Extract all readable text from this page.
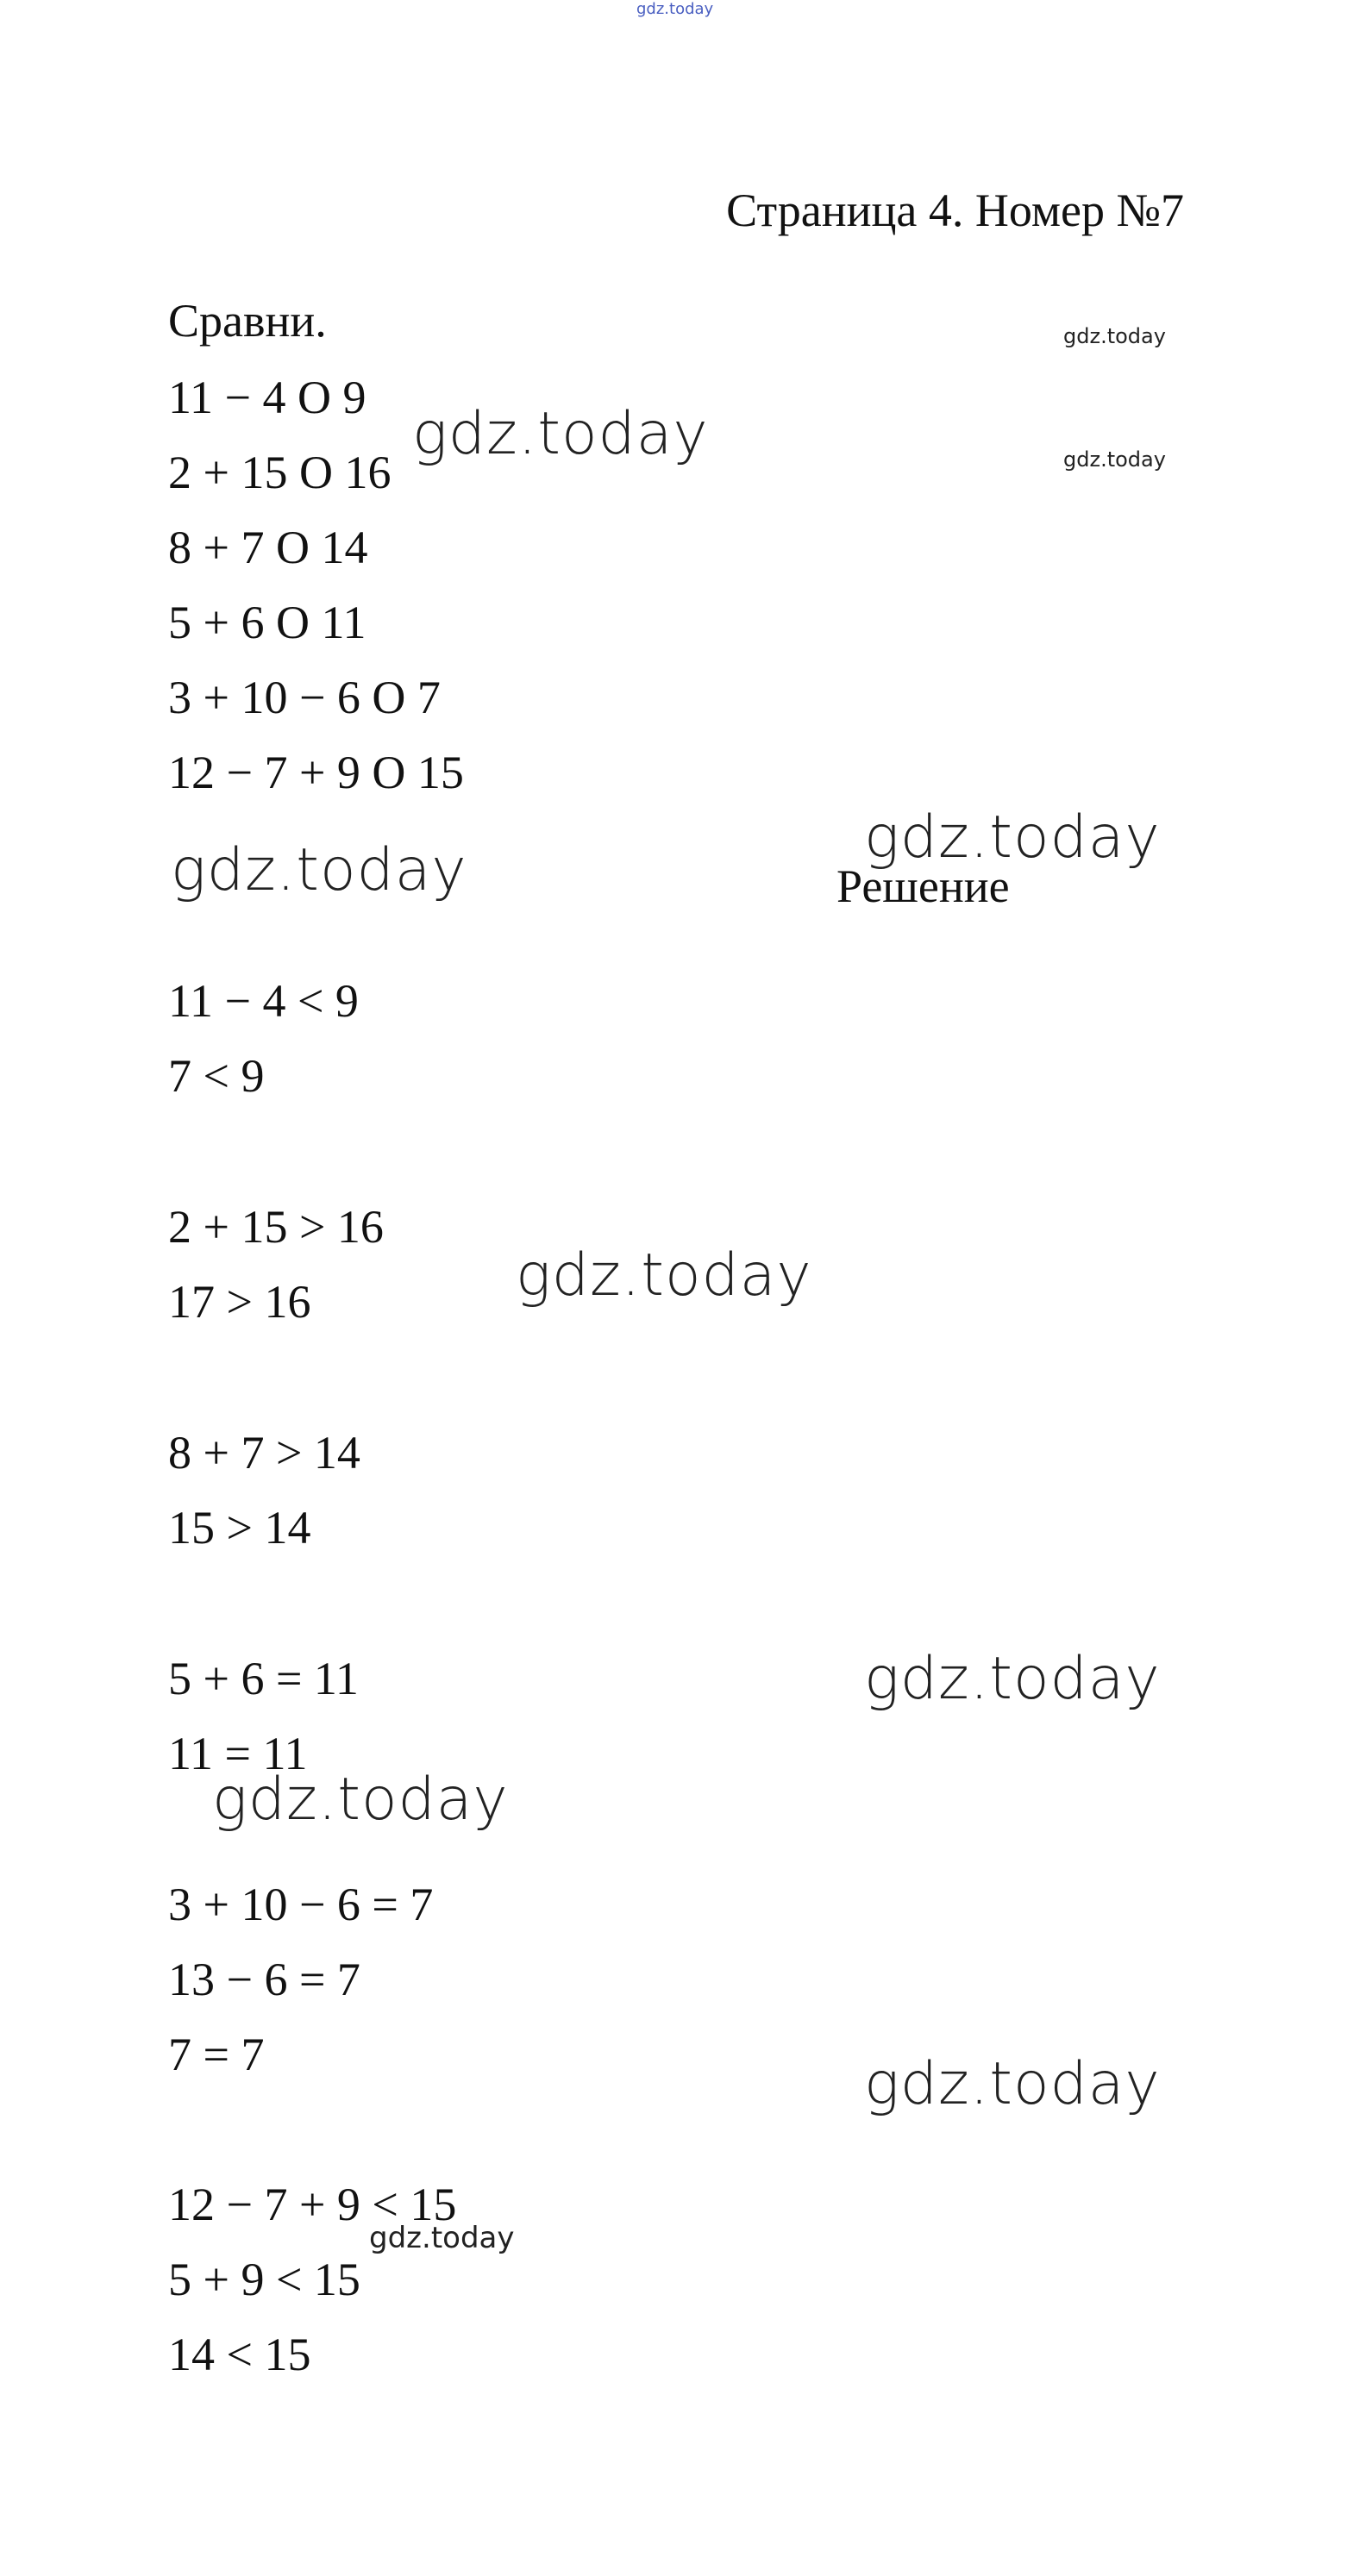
gdz.today
gdz.today
gdz.today
gdz.today
gdz.today
gdz.today
gdz.today
gdz.today
gdz.today
gdz.today
gdz.today
Страница 4. Номер №7
Сравни.
11 − 4 O 9
2 + 15 O 16
8 + 7 O 14
5 + 6 O 11
3 + 10 − 6 O 7
12 − 7 + 9 O 15
Решение
11 − 4 < 9
7 < 9
2 + 15 > 16
17 > 16
8 + 7 > 14
15 > 14
5 + 6 = 11
11 = 11
3 + 10 − 6 = 7
13 − 6 = 7
7 = 7
12 − 7 + 9 < 15
5 + 9 < 15
14 < 15
